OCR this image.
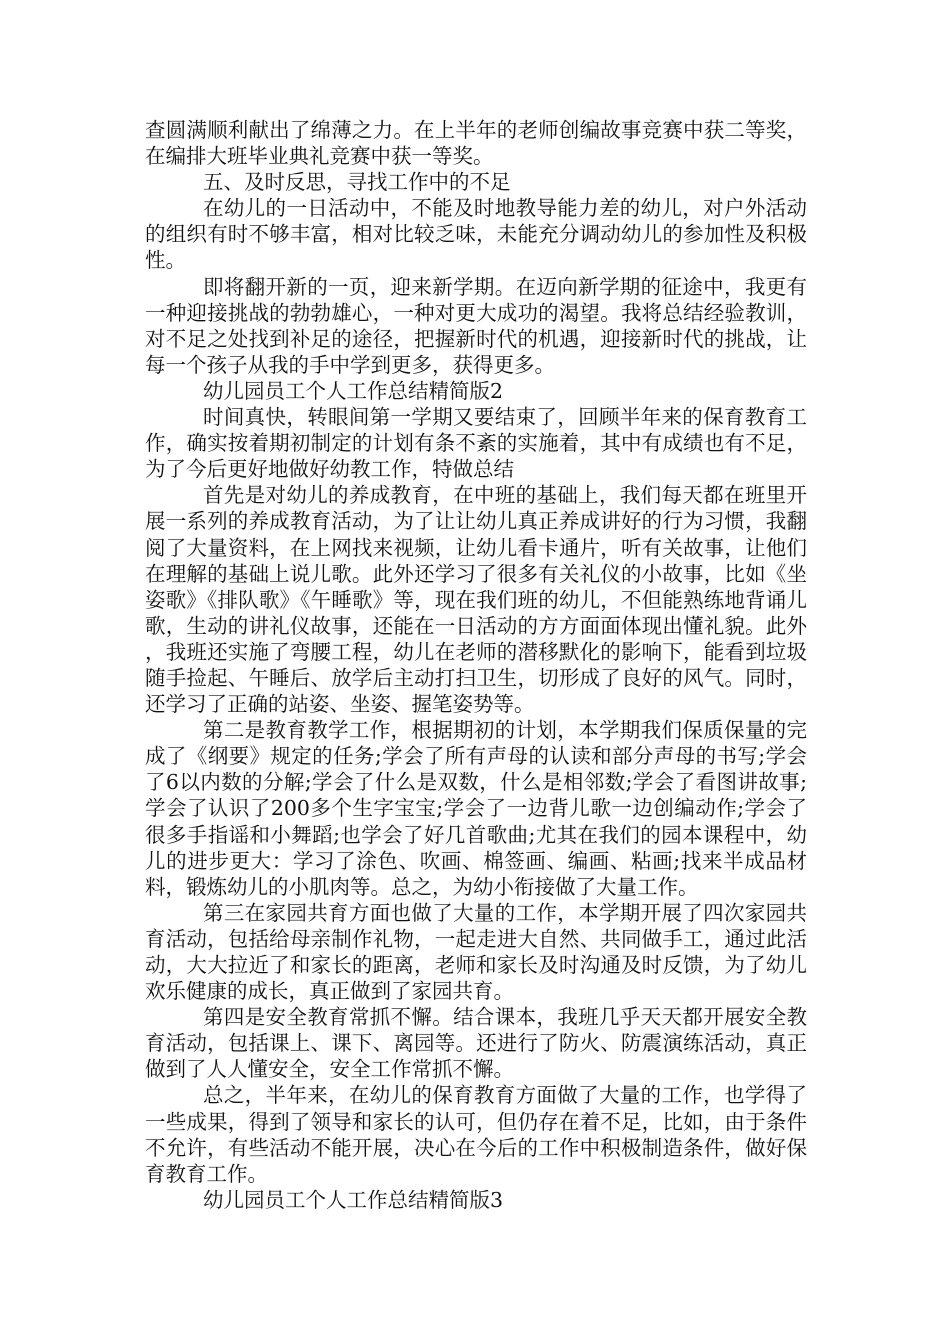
查圆满顺利献出了绵薄之力。在上半年的老师创编故事竞赛中获二等奖，在编排大班毕业典礼竞赛中获一等奖。

五、及时反思，寻找工作中的不足

在幼儿的一日活动中，不能及时地教导能力差的幼儿，对户外活动的组织有时不够丰富，相对比较乏味，未能充分调动幼儿的参加性及积极性。

即将翻开新的一页，迎来新学期。在迈向新学期的征途中，我更有一种迎接挑战的勃勃雄心，一种对更大成功的渴望。我将总结经验教训，对不足之处找到补足的途径，把握新时代的机遇，迎接新时代的挑战，让每一个孩子从我的手中学到更多，获得更多。

幼儿园员工个人工作总结精简版2

时间真快，转眼间第一学期又要结束了，回顾半年来的保育教育工作，确实按着期初制定的计划有条不紊的实施着，其中有成绩也有不足，为了今后更好地做好幼教工作，特做总结

首先是对幼儿的养成教育，在中班的基础上，我们每天都在班里开展一系列的养成教育活动，为了让让幼儿真正养成讲好的行为习惯，我翻阅了大量资料，在上网找来视频，让幼儿看卡通片，听有关故事，让他们在理解的基础上说儿歌。此外还学习了很多有关礼仪的小故事，比如《坐姿歌》《排队歌》《午睡歌》等，现在我们班的幼儿，不但能熟练地背诵儿歌，生动的讲礼仪故事，还能在一日活动的方方面面体现出懂礼貌。此外，我班还实施了弯腰工程，幼儿在老师的潜移默化的影响下，能看到垃圾随手捡起、午睡后、放学后主动打扫卫生，切形成了良好的风气。同时，还学习了正确的站姿、坐姿、握笔姿势等。

第二是教育教学工作，根据期初的计划，本学期我们保质保量的完成了《纲要》规定的任务;学会了所有声母的认读和部分声母的书写;学会了6以内数的分解;学会了什么是双数，什么是相邻数;学会了看图讲故事;学会了认识了200多个生字宝宝;学会了一边背儿歌一边创编动作;学会了很多手指谣和小舞蹈;也学会了好几首歌曲;尤其在我们的园本课程中，幼儿的进步更大：学习了涂色、吹画、棉签画、编画、粘画;找来半成品材料，锻炼幼儿的小肌肉等。总之，为幼小衔接做了大量工作。

第三在家园共育方面也做了大量的工作，本学期开展了四次家园共育活动，包括给母亲制作礼物，一起走进大自然、共同做手工，通过此活动，大大拉近了和家长的距离，老师和家长及时沟通及时反馈，为了幼儿欢乐健康的成长，真正做到了家园共育。

第四是安全教育常抓不懈。结合课本，我班几乎天天都开展安全教育活动，包括课上、课下、离园等。还进行了防火、防震演练活动，真正做到了人人懂安全，安全工作常抓不懈。

总之，半年来，在幼儿的保育教育方面做了大量的工作，也学得了一些成果，得到了领导和家长的认可，但仍存在着不足，比如，由于条件不允许，有些活动不能开展，决心在今后的工作中积极制造条件，做好保育教育工作。

幼儿园员工个人工作总结精简版3
